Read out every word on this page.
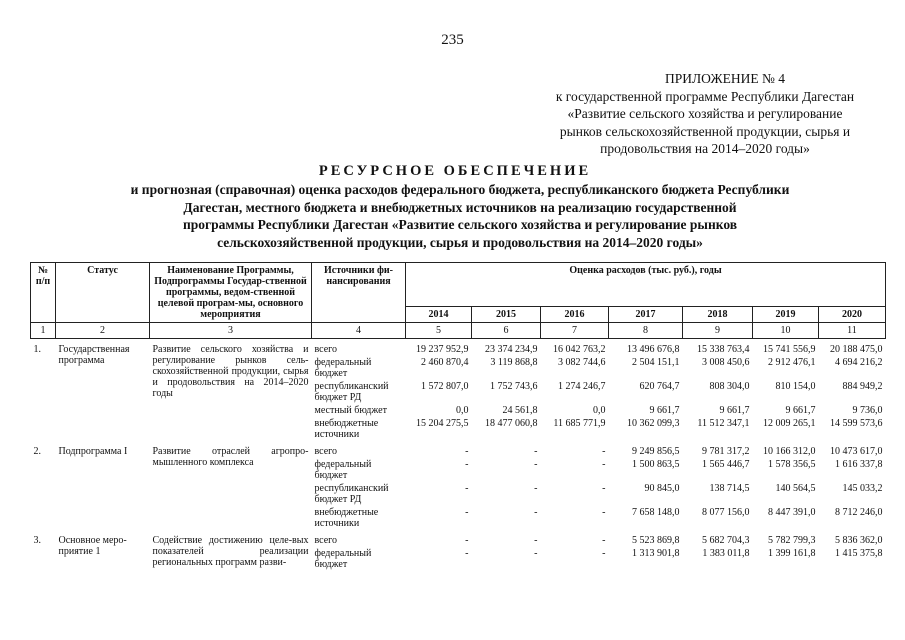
235
ПРИЛОЖЕНИЕ № 4
к государственной программе Республики Дагестан
«Развитие сельского хозяйства и регулирование
рынков сельскохозяйственной продукции, сырья и
продовольствия на 2014–2020 годы»
РЕСУРСНОЕ ОБЕСПЕЧЕНИЕ
и прогнозная (справочная) оценка расходов федерального бюджета, республиканского бюджета Республики
Дагестан, местного бюджета и внебюджетных источников на реализацию государственной
программы Республики Дагестан «Развитие сельского хозяйства и регулирование рынков
сельскохозяйственной продукции, сырья и продовольствия на 2014–2020 годы»
№ п/п	Статус	Наименование Программы, Подпрограммы Государ-ственной программы, ведом-ственной целевой програм-мы, основного мероприятия	Источники фи-нансирования	Оценка расходов (тыс. руб.), годы						
				2014	2015	2016	2017	2018	2019	2020
1	2	3	4	5	6	7	8	9	10	11
1.	Государственная программа	Развитие сельского хозяйства и регулирование рынков сель-скохозяйственной продукции, сырья и продовольствия на 2014–2020 годы	всего	19 237 952,9	23 374 234,9	16 042 763,2	13 496 676,8	15 338 763,4	15 741 556,9	20 188 475,0
			федеральный бюджет	2 460 870,4	3 119 868,8	3 082 744,6	2 504 151,1	3 008 450,6	2 912 476,1	4 694 216,2
			республиканский бюджет РД	1 572 807,0	1 752 743,6	1 274 246,7	620 764,7	808 304,0	810 154,0	884 949,2
			местный бюджет	0,0	24 561,8	0,0	9 661,7	9 661,7	9 661,7	9 736,0
			внебюджетные источники	15 204 275,5	18 477 060,8	11 685 771,9	10 362 099,3	11 512 347,1	12 009 265,1	14 599 573,6
2.	Подпрограмма I	Развитие отраслей агропро-мышленного комплекса	всего	-	-	-	9 249 856,5	9 781 317,2	10 166 312,0	10 473 617,0
			федеральный бюджет	-	-	-	1 500 863,5	1 565 446,7	1 578 356,5	1 616 337,8
			республиканский бюджет РД	-	-	-	90 845,0	138 714,5	140 564,5	145 033,2
			внебюджетные источники	-	-	-	7 658 148,0	8 077 156,0	8 447 391,0	8 712 246,0
3.	Основное меро-приятие 1	Содействие достижению целе-вых показателей реализации региональных программ разви-	всего	-	-	-	5 523 869,8	5 682 704,3	5 782 799,3	5 836 362,0
			федеральный бюджет	-	-	-	1 313 901,8	1 383 011,8	1 399 161,8	1 415 375,8
